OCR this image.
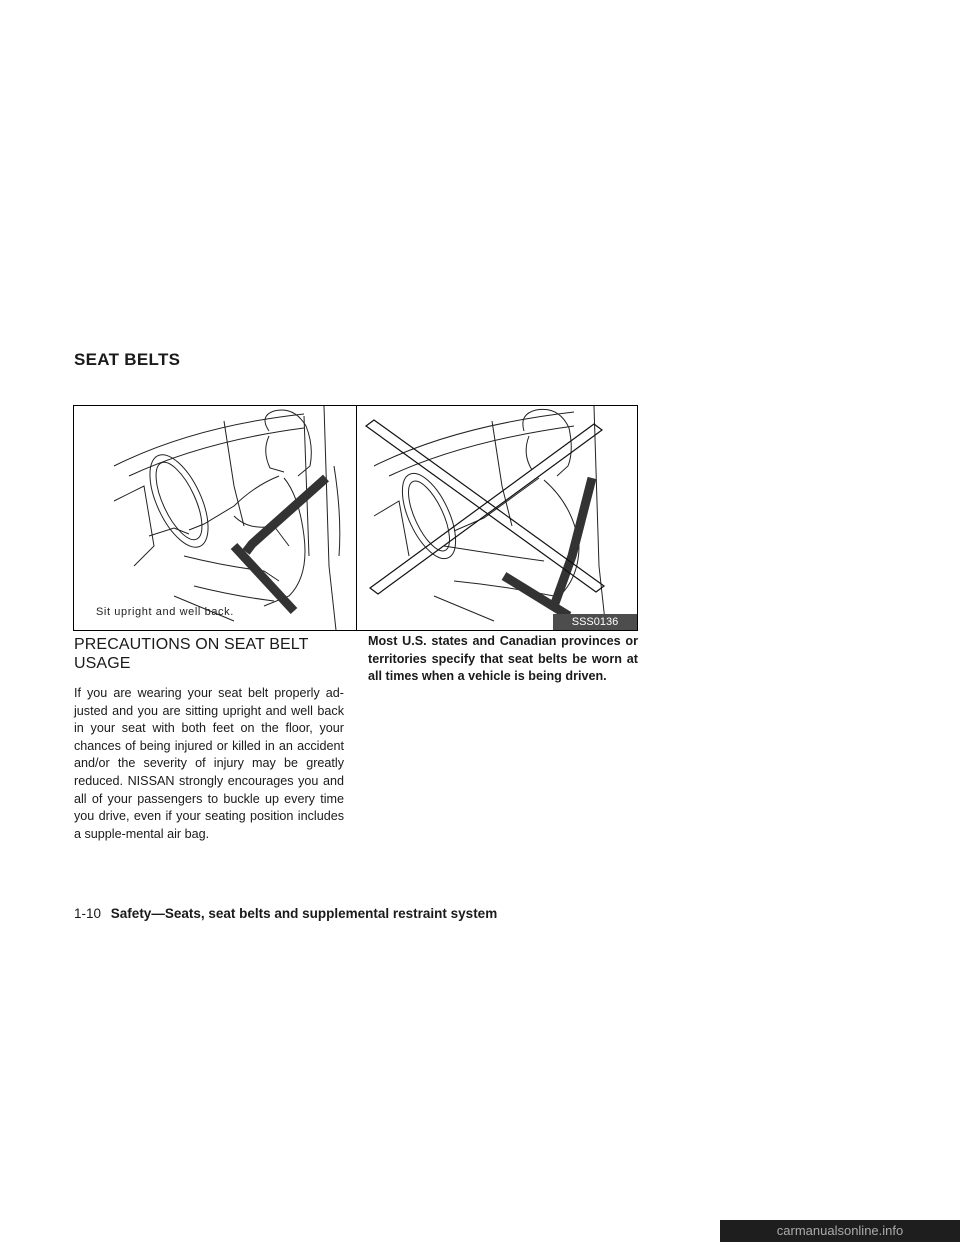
SEAT BELTS
Sit upright and well back.
SSS0136
PRECAUTIONS ON SEAT BELT USAGE

If you are wearing your seat belt properly ad-justed and you are sitting upright and well back in your seat with both feet on the floor, your chances of being injured or killed in an accident and/or the severity of injury may be greatly reduced. NISSAN strongly encourages you and all of your passengers to buckle up every time you drive, even if your seating position includes a supple-mental air bag.

Most U.S. states and Canadian provinces or territories specify that seat belts be worn at all times when a vehicle is being driven.

1-10 Safety—Seats, seat belts and supplemental restraint system
carmanualsonline.info
